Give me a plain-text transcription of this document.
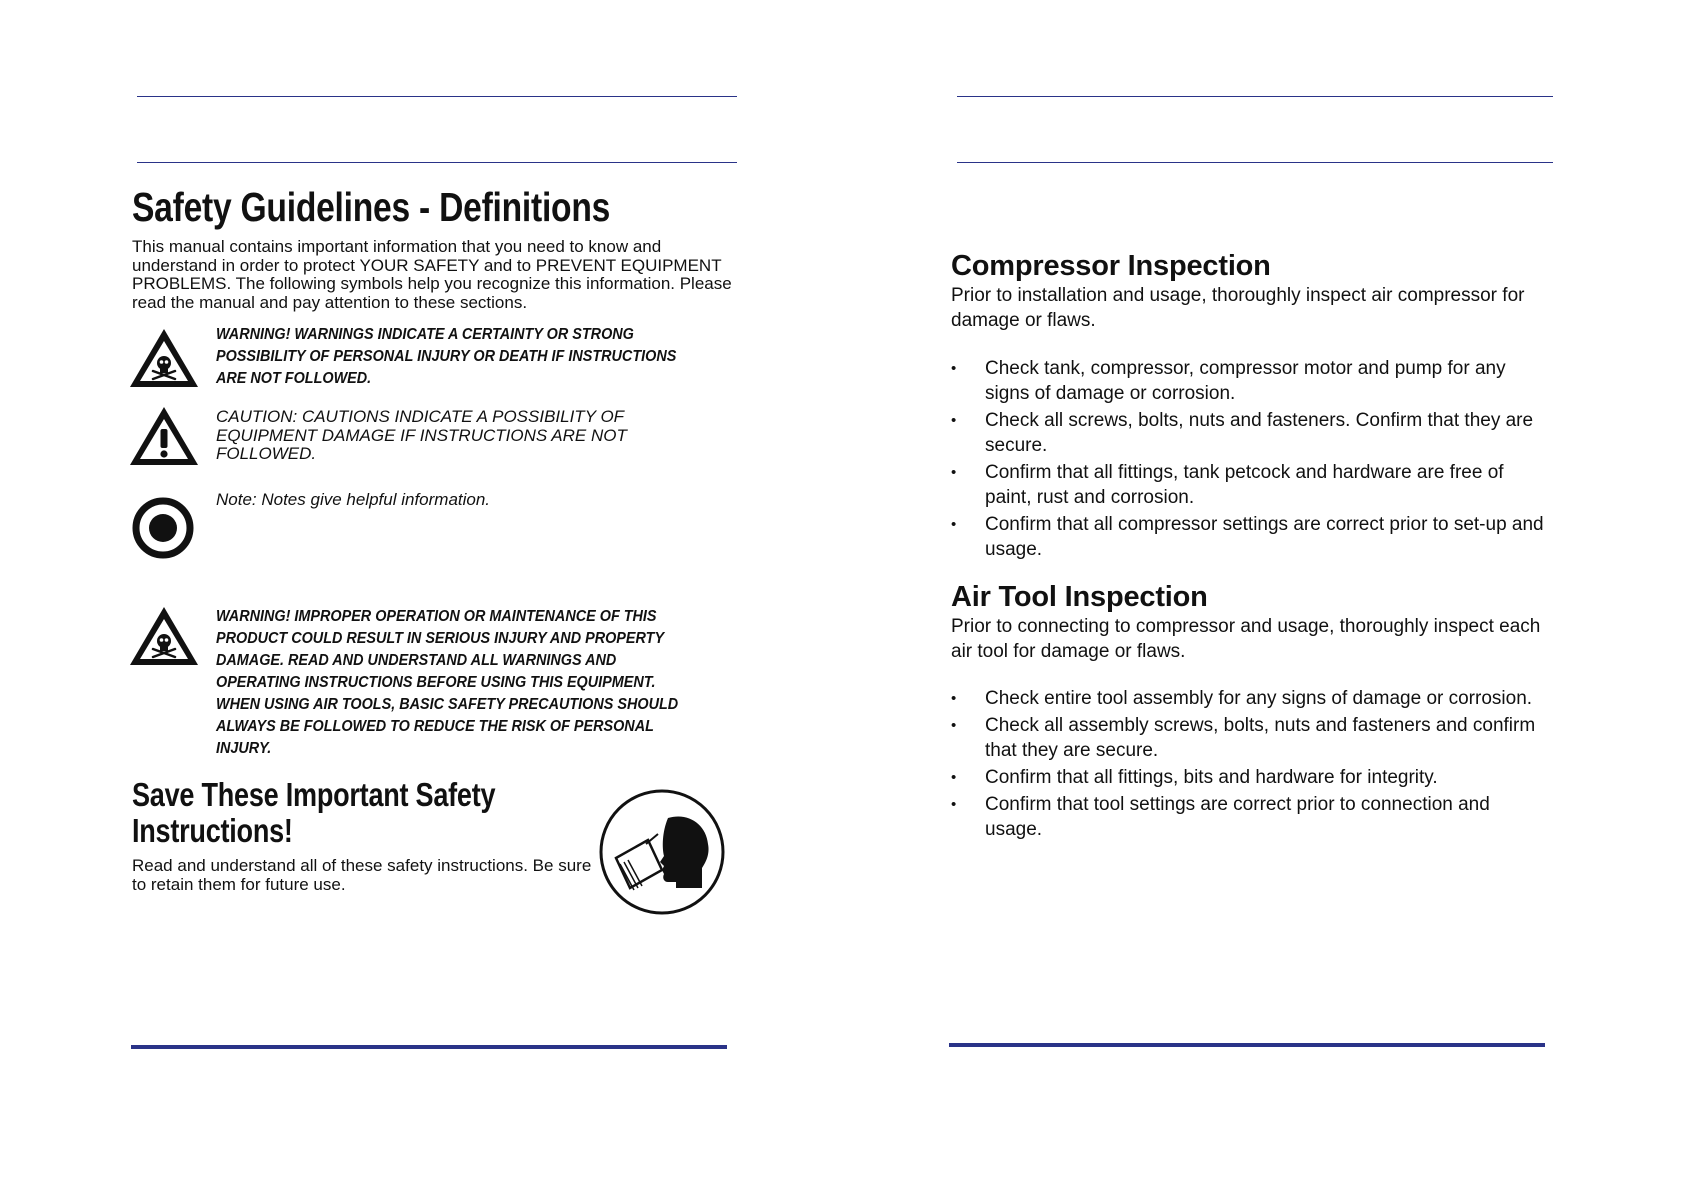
Safety Guidelines - Definitions

This manual contains important information that you need to know and understand in order to protect YOUR SAFETY and to PREVENT EQUIPMENT PROBLEMS. The following symbols help you recognize this information. Please read the manual and pay attention to these sections.

WARNING! WARNINGS INDICATE A CERTAINTY OR STRONG POSSIBILITY OF PERSONAL INJURY OR DEATH IF INSTRUCTIONS ARE NOT FOLLOWED.

CAUTION: CAUTIONS INDICATE A POSSIBILITY OF EQUIPMENT DAMAGE IF INSTRUCTIONS ARE NOT FOLLOWED.

Note: Notes give helpful information.

WARNING! IMPROPER OPERATION OR MAINTENANCE OF THIS PRODUCT COULD RESULT IN SERIOUS INJURY AND PROPERTY DAMAGE. READ AND UNDERSTAND ALL WARNINGS AND OPERATING INSTRUCTIONS BEFORE USING THIS EQUIPMENT. WHEN USING AIR TOOLS, BASIC SAFETY PRECAUTIONS SHOULD ALWAYS BE FOLLOWED TO REDUCE THE RISK OF PERSONAL INJURY.

Save These Important Safety
Instructions!

Read and understand all of these safety instructions. Be sure to retain them for future use.

Compressor Inspection

Prior to installation and usage, thoroughly inspect air compressor for damage or flaws.

• Check tank, compressor, compressor motor and pump for any signs of damage or corrosion.
• Check all screws, bolts, nuts and fasteners. Confirm that they are secure.
• Confirm that all fittings, tank petcock and hardware are free of paint, rust and corrosion.
• Confirm that all compressor settings are correct prior to set-up and usage.
Air Tool Inspection

Prior to connecting to compressor and usage, thoroughly inspect each air tool for damage or flaws.

• Check entire tool assembly for any signs of damage or corrosion.
• Check all assembly screws, bolts, nuts and fasteners and confirm that they are secure.
• Confirm that all fittings, bits and hardware for integrity.
• Confirm that tool settings are correct prior to connection and usage.
